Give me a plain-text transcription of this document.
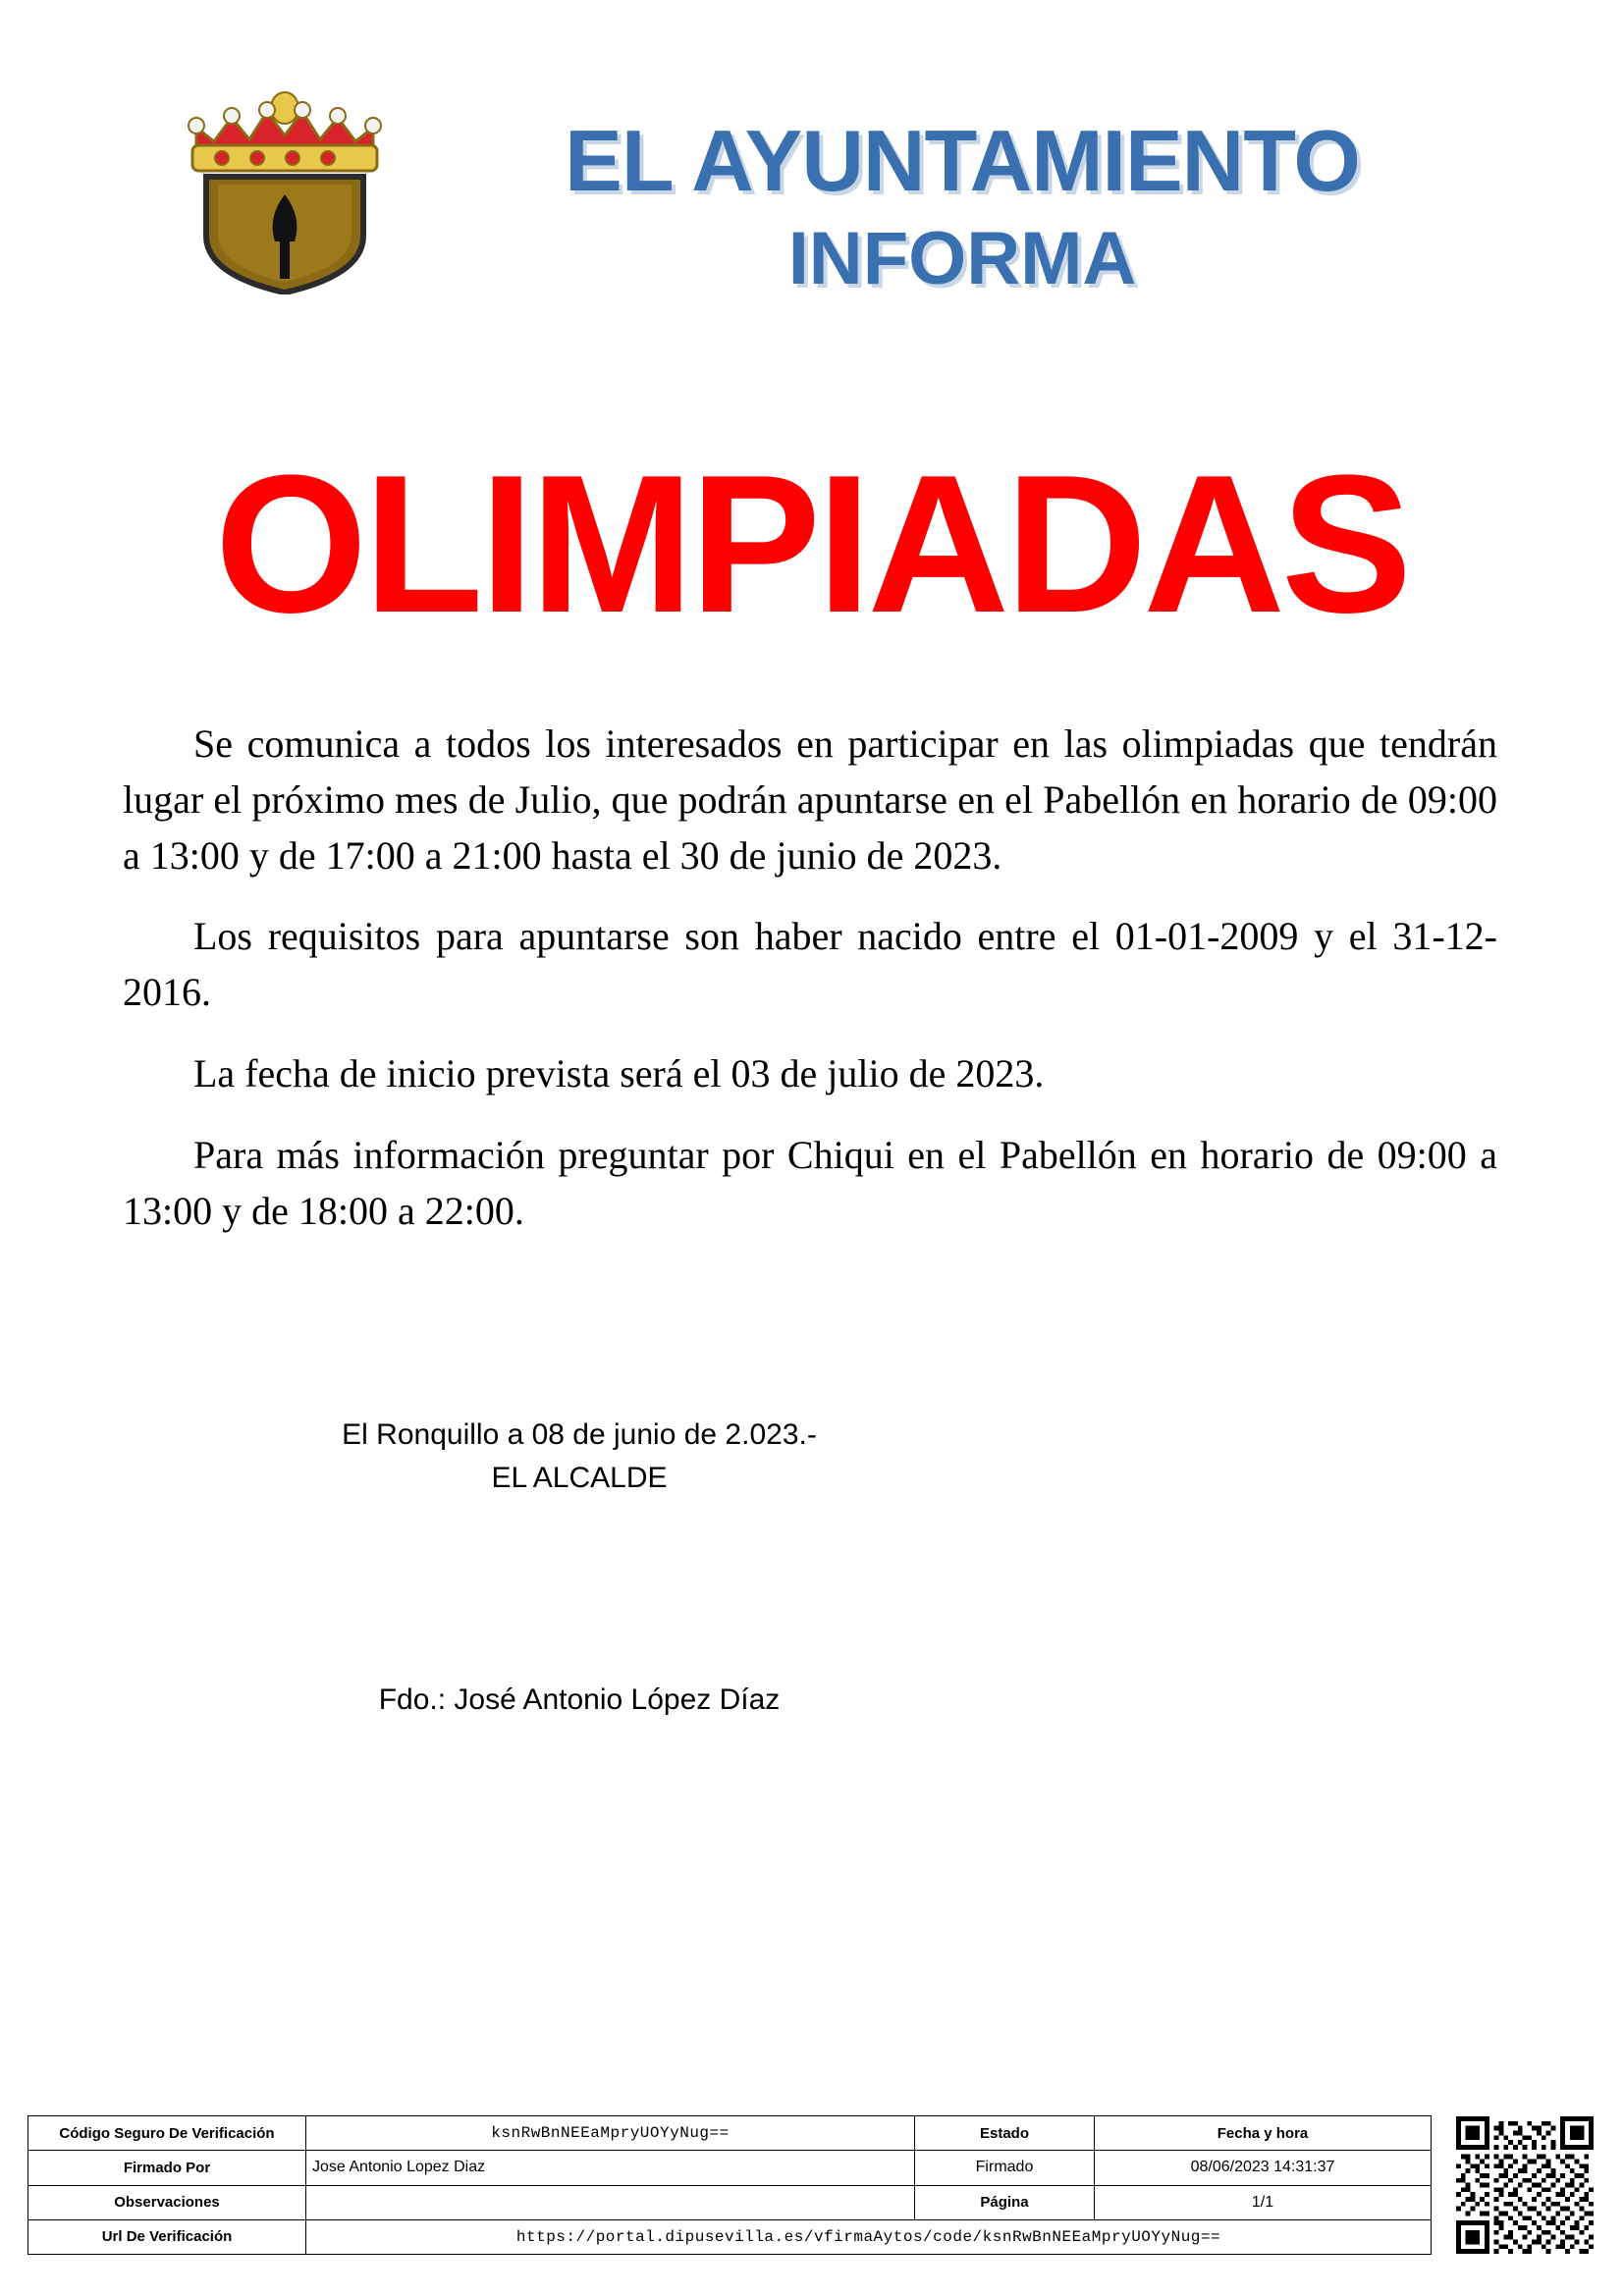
EL AYUNTAMIENTO
INFORMA
OLIMPIADAS

Se comunica a todos los interesados en participar en las olimpiadas que tendrán lugar el próximo mes de Julio, que podrán apuntarse en el Pabellón en horario de 09:00 a 13:00 y de 17:00 a 21:00 hasta el 30 de junio de 2023.

Los requisitos para apuntarse son haber nacido entre el 01-01-2009 y el 31-12-2016.

La fecha de inicio prevista será el 03 de julio de 2023.

Para más información preguntar por Chiqui en el Pabellón en horario de 09:00 a 13:00 y de 18:00 a 22:00.

El Ronquillo a 08 de junio de 2.023.-
EL ALCALDE
Fdo.: José Antonio López Díaz
Código Seguro De Verificación	ksnRwBnNEEaMpryUOYyNug==	Estado	Fecha y hora
Firmado Por	Jose Antonio Lopez Diaz	Firmado	08/06/2023 14:31:37
Observaciones		Página	1/1
Url De Verificación	https://portal.dipusevilla.es/vfirmaAytos/code/ksnRwBnNEEaMpryUOYyNug==		
